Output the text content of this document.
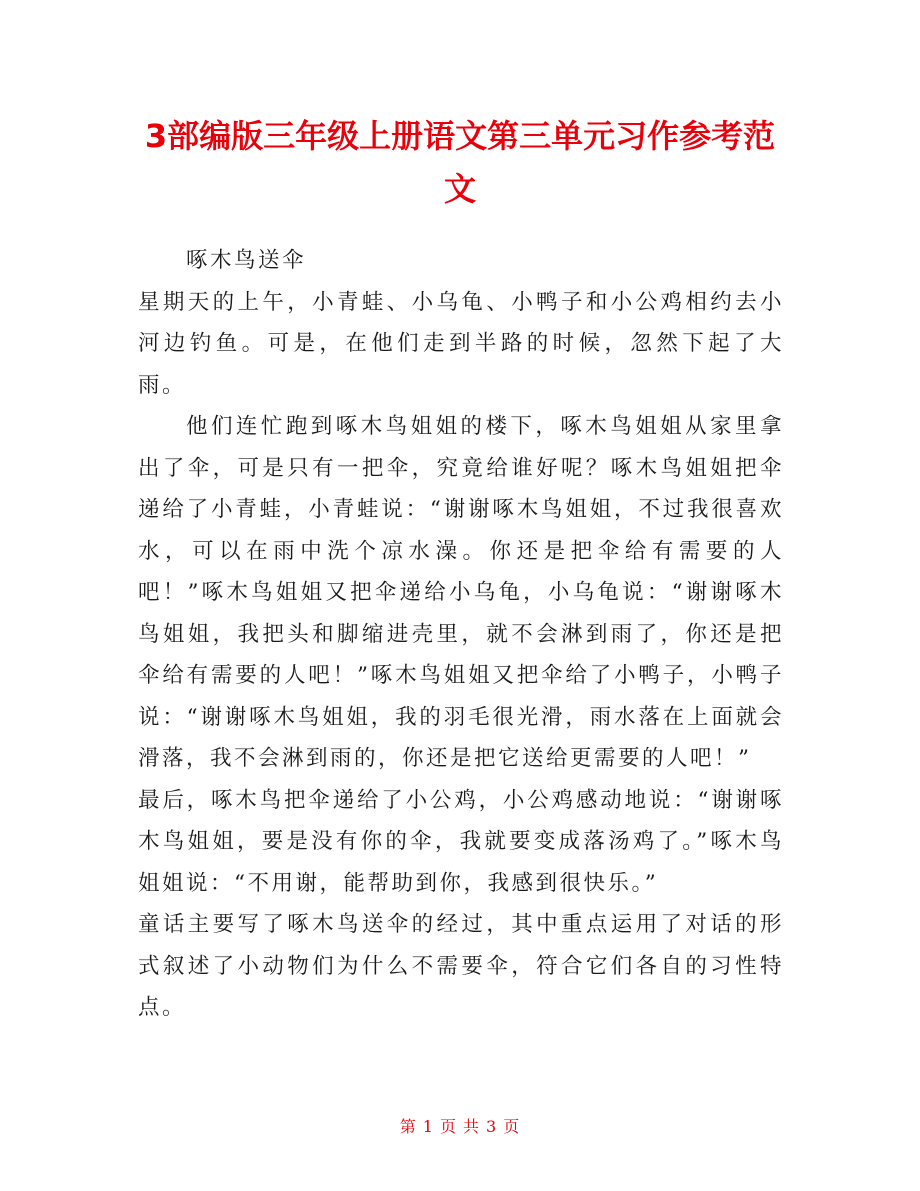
3部编版三年级上册语文第三单元习作参考范文

啄木鸟送伞

星期天的上午，小青蛙、小乌龟、小鸭子和小公鸡相约去小河边钓鱼。可是，在他们走到半路的时候，忽然下起了大雨。

他们连忙跑到啄木鸟姐姐的楼下，啄木鸟姐姐从家里拿出了伞，可是只有一把伞，究竟给谁好呢？啄木鸟姐姐把伞递给了小青蛙，小青蛙说：“谢谢啄木鸟姐姐，不过我很喜欢水，可以在雨中洗个凉水澡。你还是把伞给有需要的人吧！”啄木鸟姐姐又把伞递给小乌龟，小乌龟说：“谢谢啄木鸟姐姐，我把头和脚缩进壳里，就不会淋到雨了，你还是把伞给有需要的人吧！”啄木鸟姐姐又把伞给了小鸭子，小鸭子说：“谢谢啄木鸟姐姐，我的羽毛很光滑，雨水落在上面就会滑落，我不会淋到雨的，你还是把它送给更需要的人吧！”

最后，啄木鸟把伞递给了小公鸡，小公鸡感动地说：“谢谢啄木鸟姐姐，要是没有你的伞，我就要变成落汤鸡了。”啄木鸟姐姐说：“不用谢，能帮助到你，我感到很快乐。”

童话主要写了啄木鸟送伞的经过，其中重点运用了对话的形式叙述了小动物们为什么不需要伞，符合它们各自的习性特点。

第 1 页 共 3 页
